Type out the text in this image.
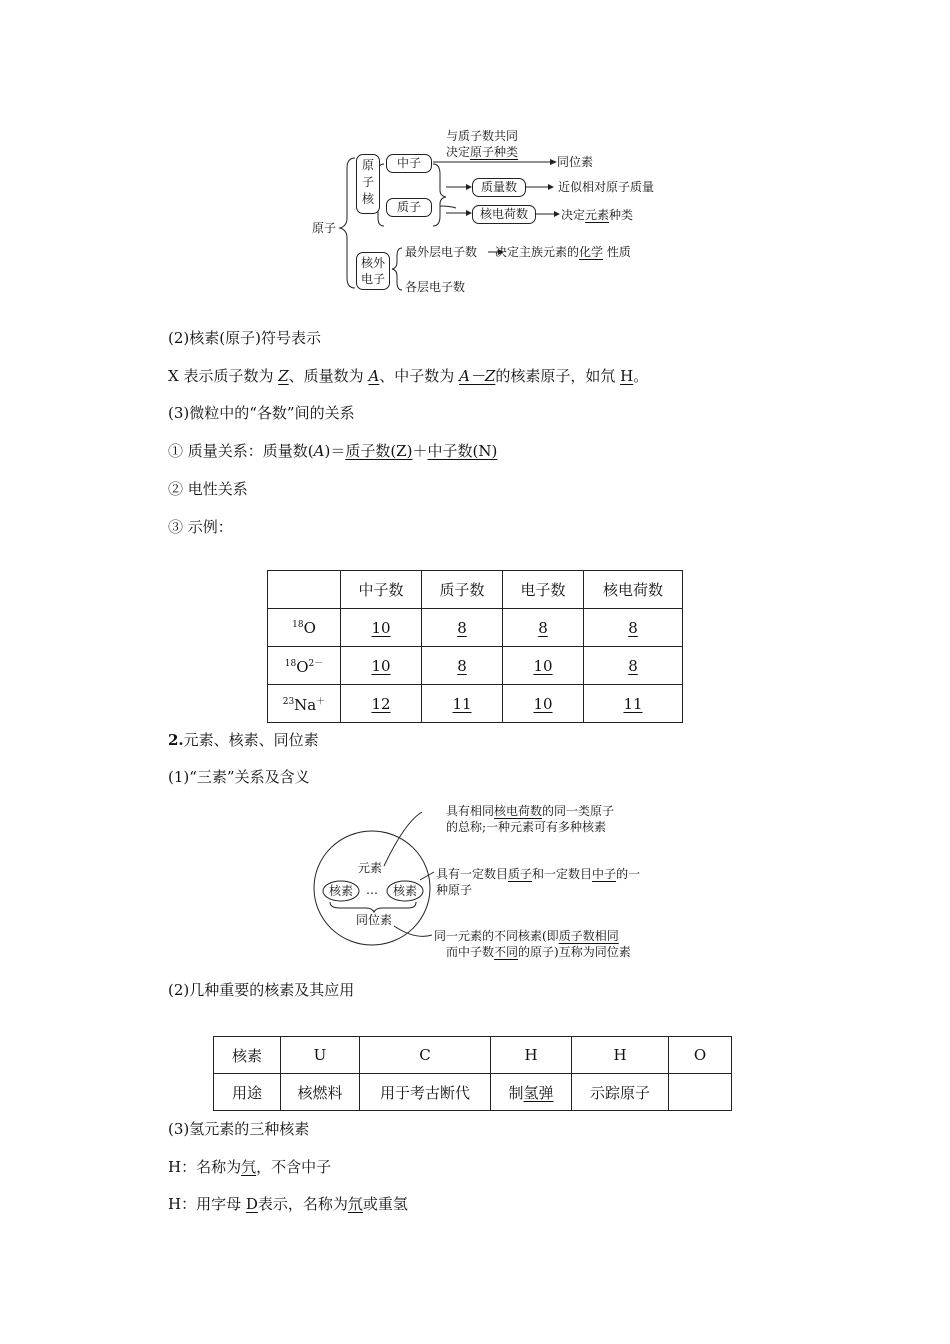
原子
原
子
核
中子
质子
与质子数共同
决定原子种类
同位素
质量数	近似相对原子质量
核电荷数	决定元素种类
核外
电子
最外层电子数 决定主族元素的化学 性质
各层电子数
(2)核素(原子)符号表示
X 表示质子数为 Z、质量数为 A、中子数为 A－Z的核素原子，如氘 H。
(3)微粒中的“各数”间的关系
① 质量关系：质量数(A)＝质子数(Z)＋中子数(N)
② 电性关系
③ 示例：
	中子数	质子数	电子数	核电荷数
$^{18}$O	10	8	8	8
$^{18}O^{2-}$	10	8	10	8
$^{23}$Na＋	12	11	10	11
2.元素、核素、同位素
(1)“三素”关系及含义
元素
核素 … 核素
同位素
具有相同核电荷数的同一类原子
的总称;一种元素可有多种核素
具有一定数目质子和一定数目中子的一
种原子
同一元素的不同核素(即质子数相同
而中子数不同的原子)互称为同位素
(2)几种重要的核素及其应用
核素	U	C	H	H	O
用途	核燃料	用于考古断代	制氢弹	示踪原子	
(3)氢元素的三种核素
H：名称为氕，不含中子
H：用字母 D表示，名称为氘或重氢
